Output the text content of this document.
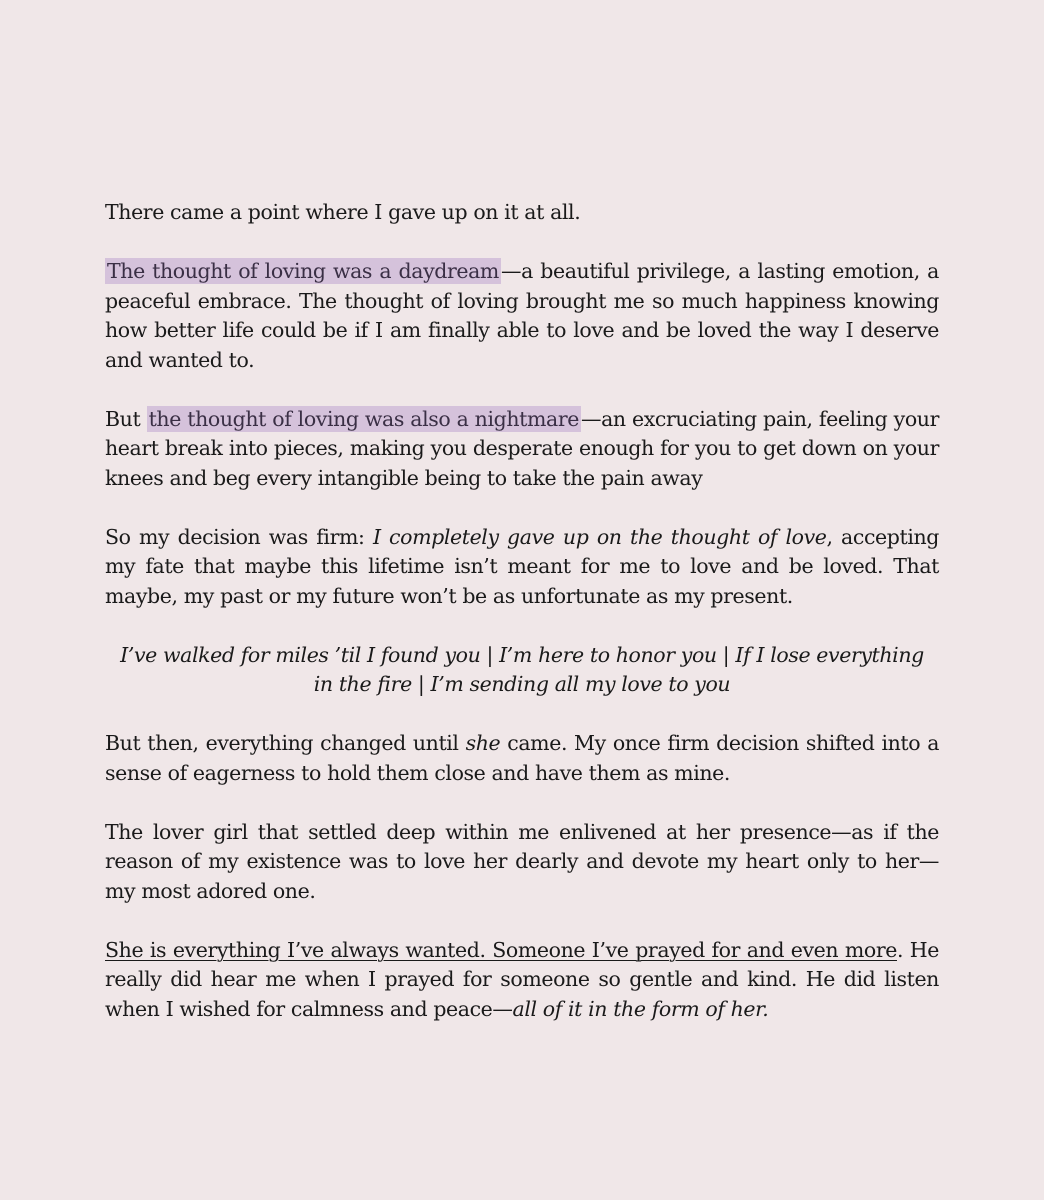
There came a point where I gave up on it at all.

The thought of loving was a daydream—a beautiful privilege, a lasting emotion, a peaceful embrace. The thought of loving brought me so much happiness knowing how better life could be if I am finally able to love and be loved the way I deserve and wanted to.

But the thought of loving was also a nightmare—an excruciating pain, feeling your heart break into pieces, making you desperate enough for you to get down on your knees and beg every intangible being to take the pain away

So my decision was firm: I completely gave up on the thought of love, accepting my fate that maybe this lifetime isn’t meant for me to love and be loved. That maybe, my past or my future won’t be as unfortunate as my present.

I’ve walked for miles ’til I found you | I’m here to honor you | If I lose everything in the fire | I’m sending all my love to you

But then, everything changed until she came. My once firm decision shifted into a sense of eagerness to hold them close and have them as mine.

The lover girl that settled deep within me enlivened at her presence—as if the reason of my existence was to love her dearly and devote my heart only to her—my most adored one.

She is everything I’ve always wanted. Someone I’ve prayed for and even more. He really did hear me when I prayed for someone so gentle and kind. He did listen when I wished for calmness and peace—all of it in the form of her.
